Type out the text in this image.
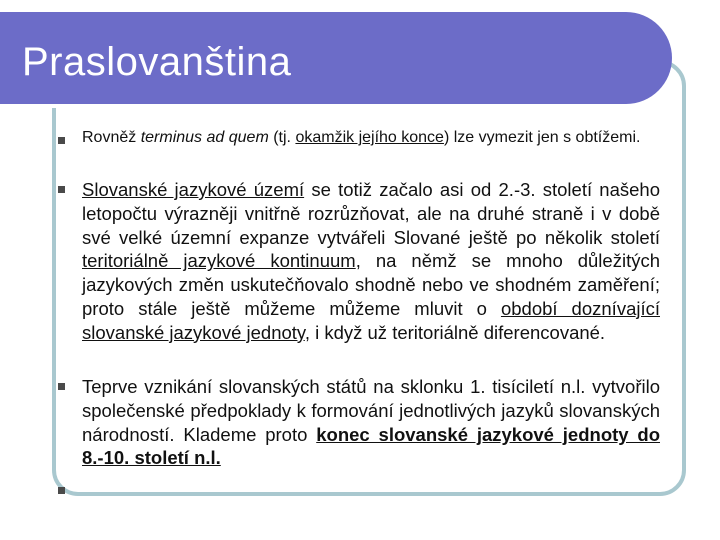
Praslovanština

Rovněž terminus ad quem (tj. okamžik jejího konce) lze vymezit jen s obtížemi.

Slovanské jazykové území se totiž začalo asi od 2.-3. století našeho letopočtu výrazněji vnitřně rozrůzňovat, ale na druhé straně i v době své velké územní expanze vytvářeli Slované ještě po několik století teritoriálně jazykové kontinuum, na němž se mnoho důležitých jazykových změn uskutečňovalo shodně nebo ve shodném zaměření; proto stále ještě můžeme můžeme mluvit o období doznívající slovanské jazykové jednoty, i když už teritoriálně diferencované.

Teprve vznikání slovanských států na sklonku 1. tisíciletí n.l. vytvořilo společenské předpoklady k formování jednotlivých jazyků slovanských národností. Klademe proto konec slovanské jazykové jednoty do 8.-10. století n.l.
